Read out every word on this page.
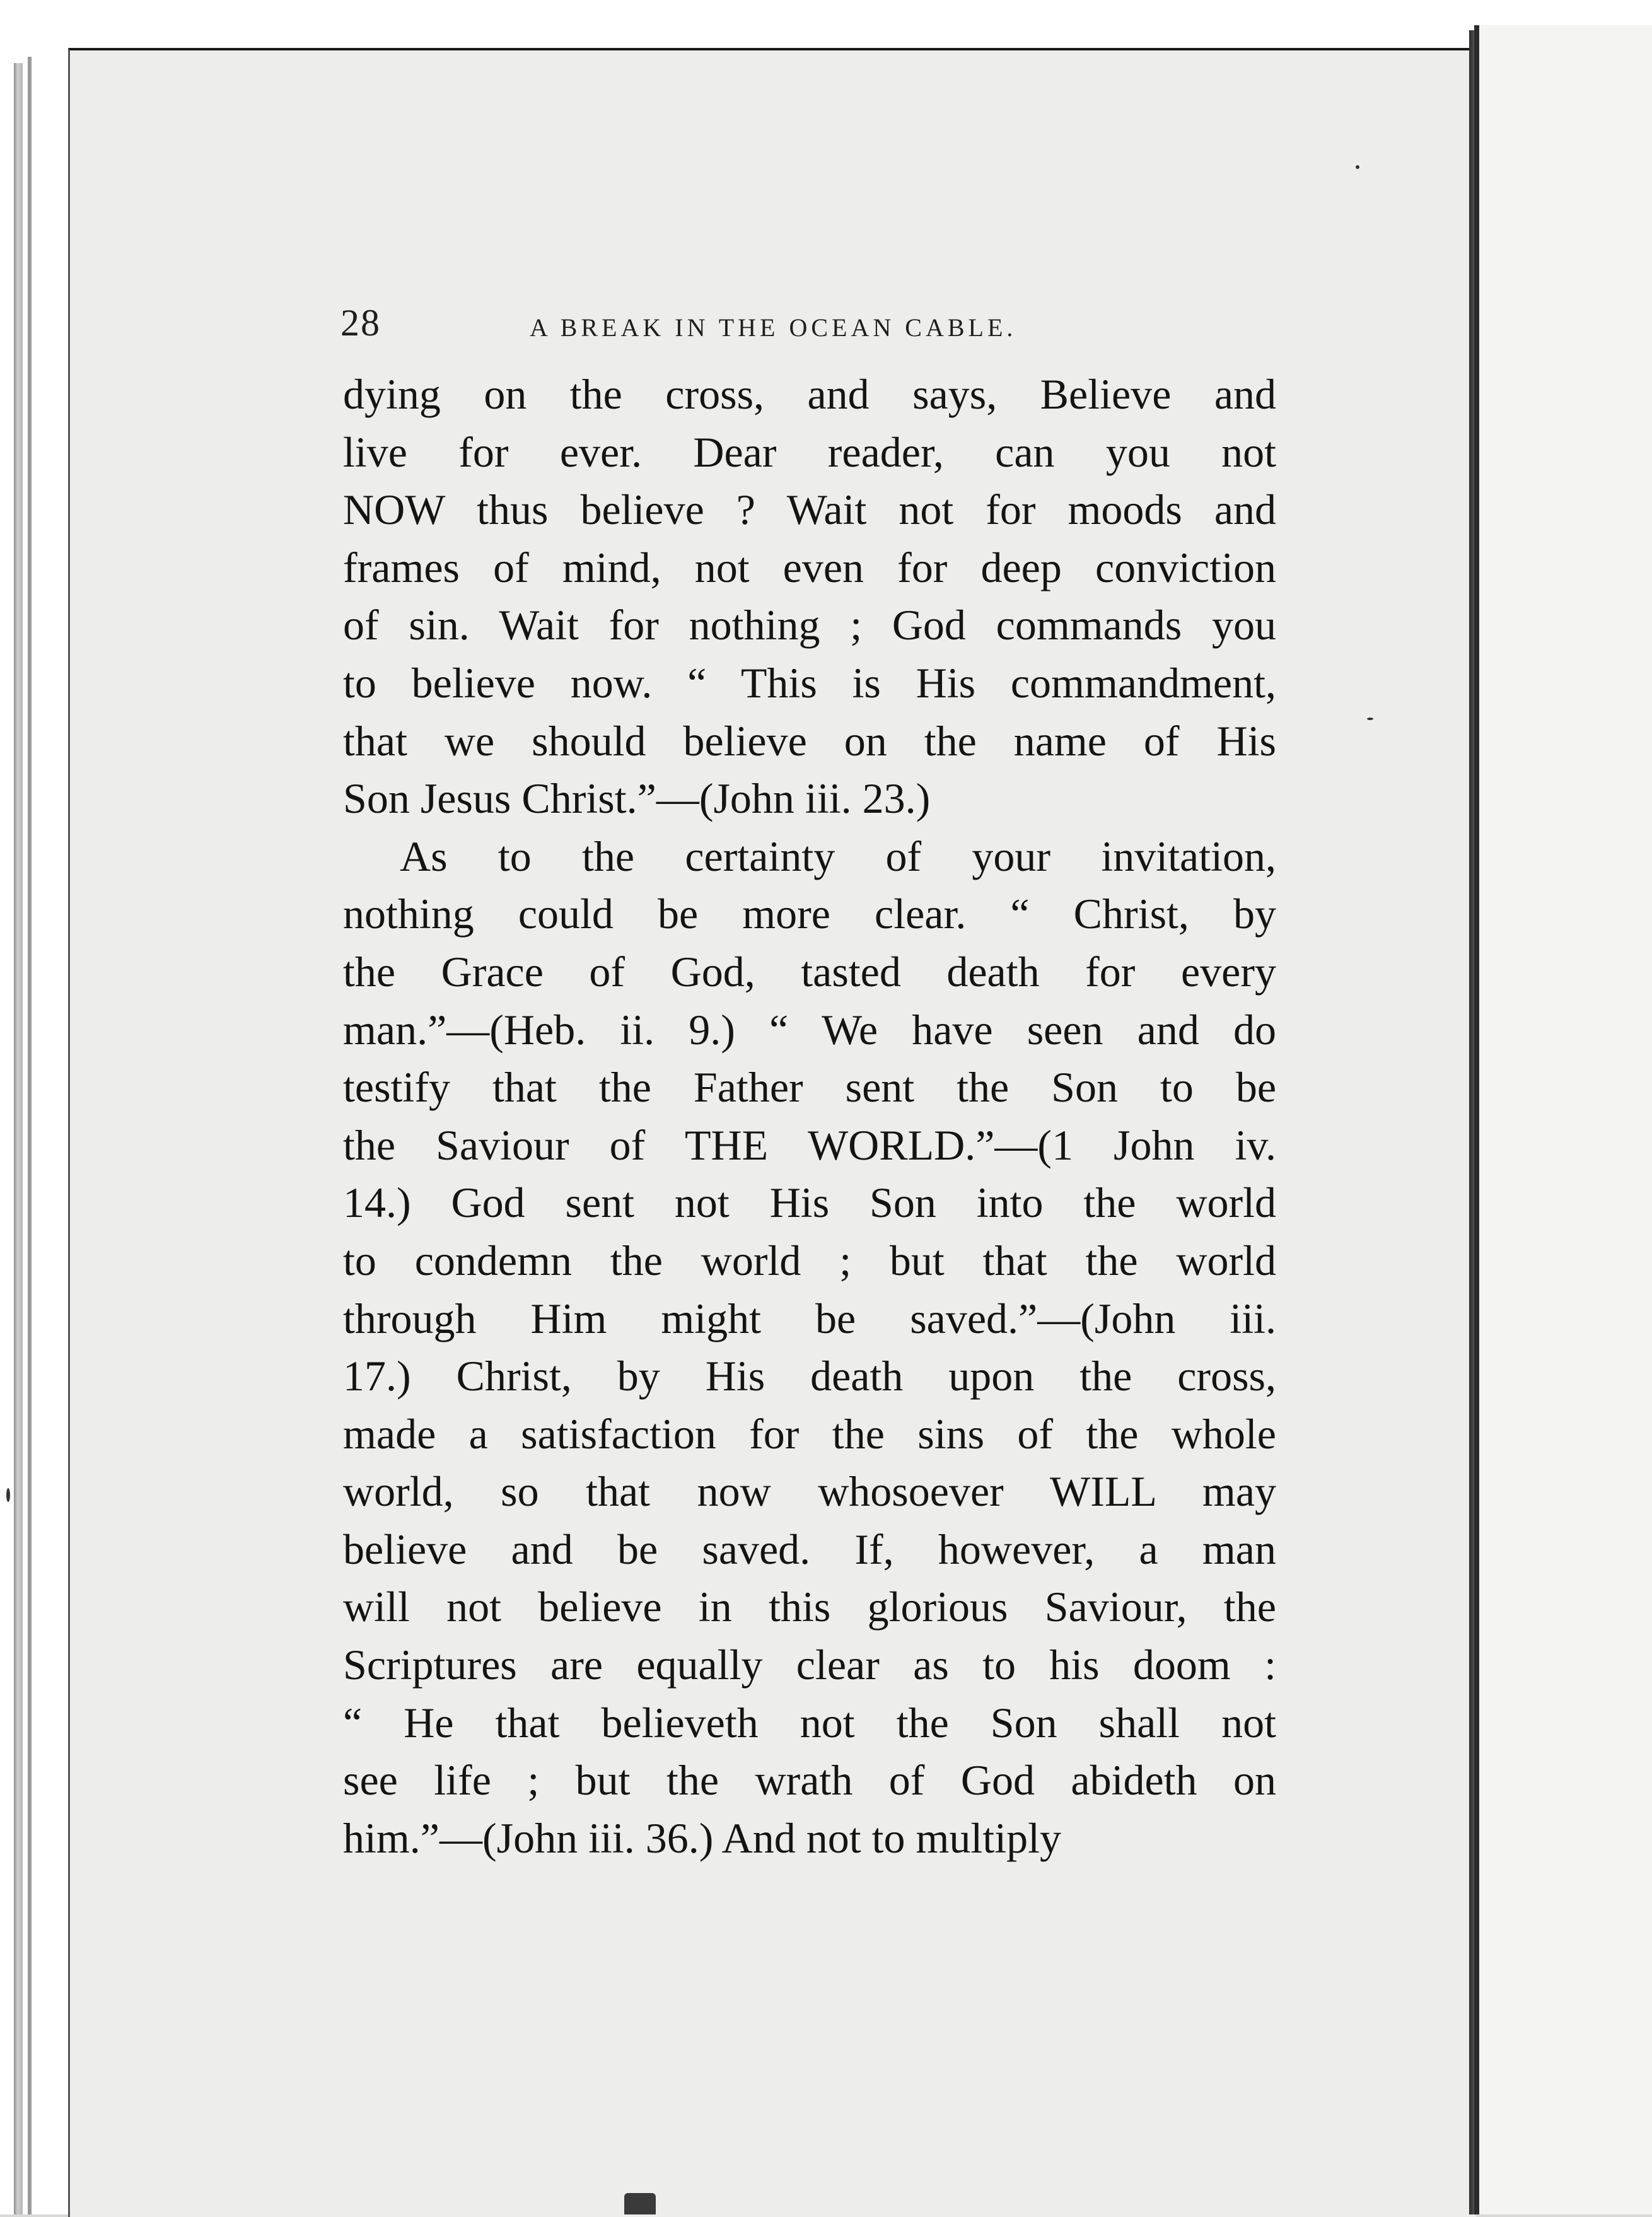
28	A BREAK IN THE OCEAN CABLE.
dying on the cross, and says, Believe and
live for ever. Dear reader, can you not
NOW thus believe ? Wait not for moods and
frames of mind, not even for deep conviction
of sin. Wait for nothing ; God commands you
to believe now. “ This is His commandment,
that we should believe on the name of His
Son Jesus Christ.”—(John iii. 23.)
As to the certainty of your invitation,
nothing could be more clear. “ Christ, by
the Grace of God, tasted death for every
man.”—(Heb. ii. 9.) “ We have seen and do
testify that the Father sent the Son to be
the Saviour of THE WORLD.”—(1 John iv.
14.) God sent not His Son into the world
to condemn the world ; but that the world
through Him might be saved.”—(John iii.
17.) Christ, by His death upon the cross,
made a satisfaction for the sins of the whole
world, so that now whosoever WILL may
believe and be saved. If, however, a man
will not believe in this glorious Saviour, the
Scriptures are equally clear as to his doom :
“ He that believeth not the Son shall not
see life ; but the wrath of God abideth on
him.”—(John iii. 36.) And not to multiply
